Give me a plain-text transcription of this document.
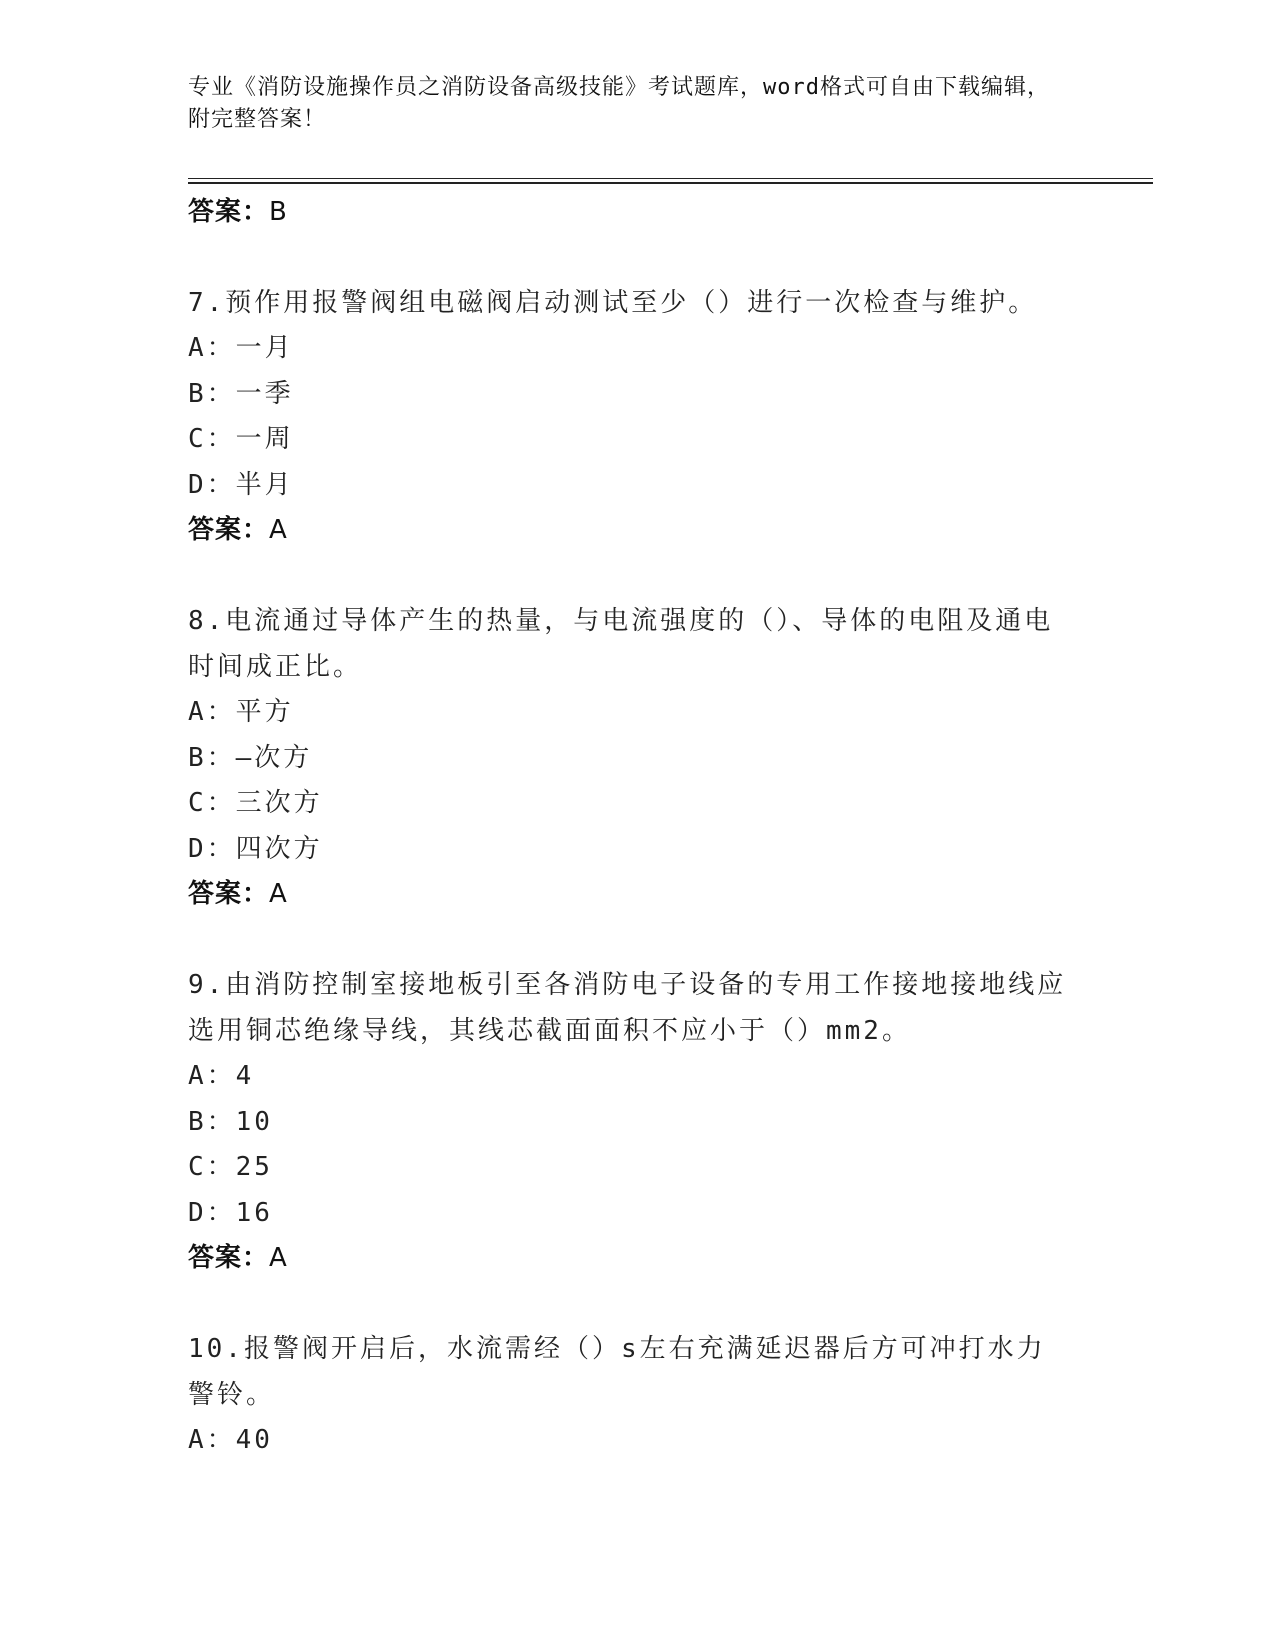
专业《消防设施操作员之消防设备高级技能》考试题库，word格式可自由下载编辑，附完整答案！
答案：B
7.预作用报警阀组电磁阀启动测试至少（）进行一次检查与维护。
A：一月
B：一季
C：一周
D：半月
答案：A
8.电流通过导体产生的热量，与电流强度的（）、导体的电阻及通电时间成正比。
A：平方
B：—次方
C：三次方
D：四次方
答案：A
9.由消防控制室接地板引至各消防电子设备的专用工作接地接地线应选用铜芯绝缘导线，其线芯截面面积不应小于（）mm2。
A：4
B：10
C：25
D：16
答案：A
10.报警阀开启后，水流需经（）s左右充满延迟器后方可冲打水力警铃。
A：40
